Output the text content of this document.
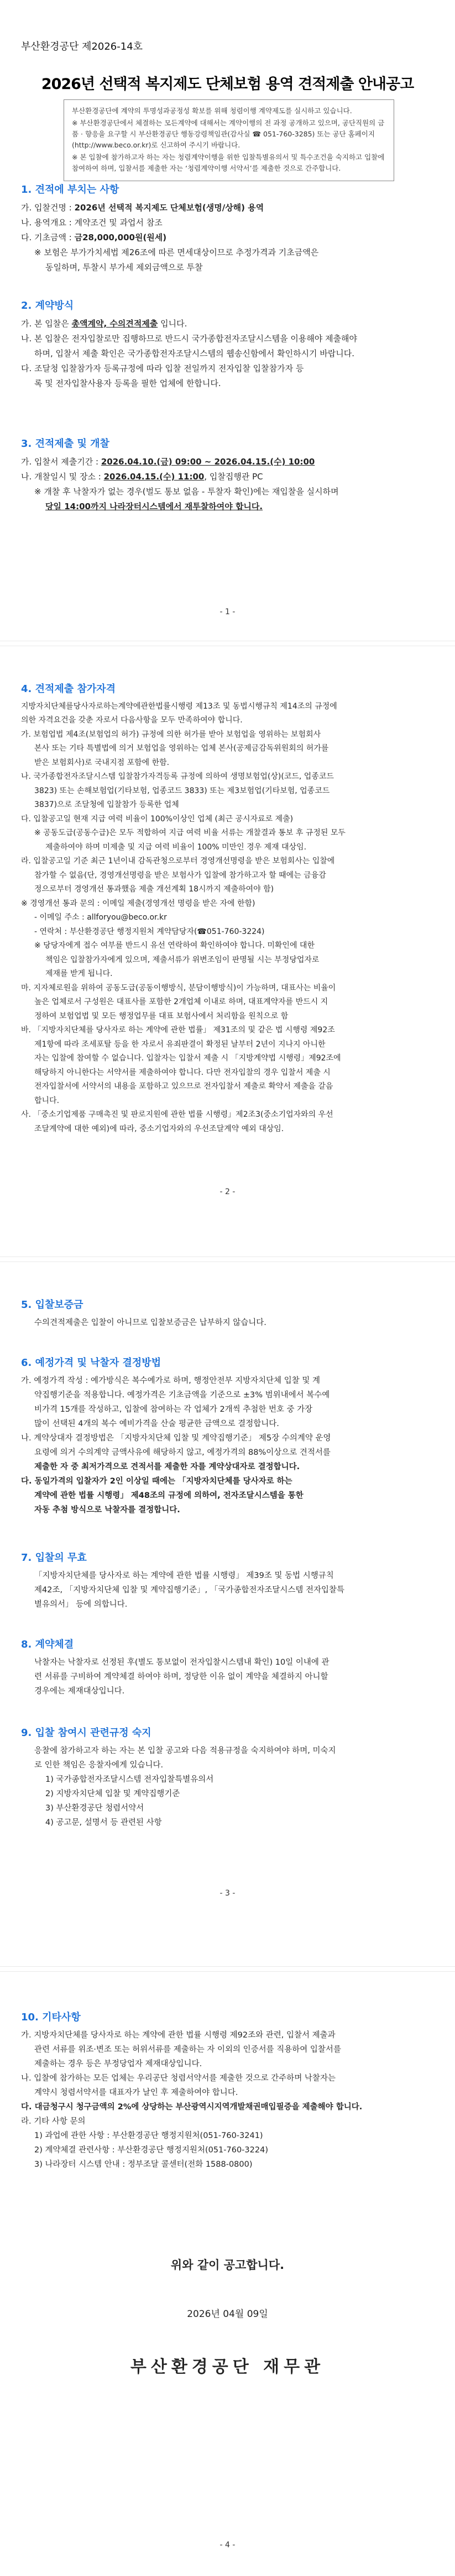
부산환경공단 제2026-14호
2026년 선택적 복지제도 단체보험 용역 견적제출 안내공고

부산환경공단에 계약의 투명성과공정성 확보를 위해 청렴이행 계약제도를 실시하고 있습니다.

※ 부산환경공단에서 체결하는 모든계약에 대해서는 계약이행의 전 과정 공개하고 있으며, 공단직원의 금품 · 향응을 요구할 시 부산환경공단 행동강령책임관(감사실 ☎ 051-760-3285) 또는 공단 홈페이지(http://www.beco.or.kr)로 신고하여 주시기 바랍니다.

※ 본 입찰에 참가하고자 하는 자는 청렴계약이행을 위한 입찰특별유의서 및 특수조건을 숙지하고 입찰에 참여하여 하며, 입찰서를 제출한 자는 ‘청렴계약이행 서약서’를 제출한 것으로 간주합니다.

1. 견적에 부치는 사항
가. 입찰건명 : 2026년 선택적 복지제도 단체보험(생명/상해) 용역
나. 용역개요 : 계약조건 및 과업서 참조
다. 기초금액 : 금28,000,000원(원세)
※ 보험은 부가가치세법 제26조에 따른 면세대상이므로 추정가격과 기초금액은
동일하며, 투찰시 부가세 제외금액으로 투찰
2. 계약방식
가. 본 입찰은 총액계약, 수의견적제출 입니다.
나. 본 입찰은 전자입찰로만 집행하므로 반드시 국가종합전자조달시스템을 이용해야 제출해야
하며, 입찰서 제출 확인은 국가종합전자조달시스템의 웹송신함에서 확인하시기 바랍니다.
다. 조달청 입찰참가자 등록규정에 따라 입찰 전일까지 전자입찰 입찰참가자 등
록 및 전자입찰사용자 등록을 필한 업체에 한합니다.
3. 견적제출 및 개찰
가. 입찰서 제출기간 : 2026.04.10.(금) 09:00 ~ 2026.04.15.(수) 10:00
나. 개찰일시 및 장소 : 2026.04.15.(수) 11:00, 입찰집행관 PC
※ 개찰 후 낙찰자가 없는 경우(벌도 통보 없음 - 투찰자 확인)에는 재입찰을 실시하며
당일 14:00까지 나라장터시스템에서 재투찰하여야 합니다.
- 1 -
4. 견적제출 참가자격
지방자치단체를당사자로하는계약에관한법률시행령 제13조 및 동법시행규칙 제14조의 규정에
의한 자격요건을 갖춘 자로서 다음사항을 모두 만족하여야 합니다.
가. 보험업법 제4조(보험업의 허가) 규정에 의한 허가를 받아 보험업을 영위하는 보험회사
본사 또는 기타 특별법에 의거 보험업을 영위하는 업체 본사(공제금감독위원회의 허가를
받은 보험회사)로 국내지점 포함에 한함.
나. 국가종합전자조달시스템 입찰참가자격등록 규정에 의하여 생명보험업(상)(코드, 업종코드
3823) 또는 손해보험업(기타보험, 업종코드 3833) 또는 제3보험업(기타보험, 업종코드
3837)으로 조달청에 입찰참가 등록한 업체
다. 입찰공고일 현재 지급 여력 비율이 100%이상인 업체 (최근 공시자료로 제출)
※ 공동도급(공동수급)은 모두 적합하여 지급 여력 비율 서류는 개찰결과 통보 후 규정된 모두
제출하여야 하며 미제출 및 지급 여력 비율이 100% 미만인 경우 제재 대상임.
라. 입찰공고일 기준 최근 1년이내 감독관청으로부터 경영개선명령을 받은 보험회사는 입찰에
참가할 수 없음(단, 경영개선명령을 받은 보험사가 입찰에 참가하고자 할 때에는 금융감
정으로부터 경영개선 통과했음 제출 개선계획 18시까지 제출하여야 함)
※ 경영개선 통과 문의 : 이메일 제출(경영개선 명령을 받은 자에 한함)
- 이메일 주소 : allforyou@beco.or.kr
- 연락처 : 부산환경공단 행정지원처 계약담당자(☎051-760-3224)
※ 당당자에게 접수 여부를 반드시 유선 연락하여 확인하여야 합니다. 미확인에 대한
책임은 입찰참가자에게 있으며, 제출서류가 위변조임이 판명될 시는 부정당업자로
제재를 받게 됩니다.
마. 지자체로원을 위하여 공동도급(공동이행방식, 분담이행방식)이 가능하며, 대표사는 비율이
높은 업체로서 구성원은 대표사를 포함한 2개업체 이내로 하며, 대표계약자를 반드시 지
정하여 보험업법 및 모든 행정업무를 대표 보험사에서 처리함을 원칙으로 함
바. 「지방자치단체를 당사자로 하는 계약에 관한 법률」 제31조의 및 같은 법 시행령 제92조
제1항에 따라 조세포탈 등을 한 자로서 유죄판결이 확정된 날부터 2년이 지나지 아니한
자는 입찰에 참여할 수 없습니다. 입찰자는 입찰서 제출 시 「지방계약법 시행령」제92조에
해당하지 아니한다는 서약서를 제출하여야 합니다. 다만 전자입찰의 경우 입찰서 제출 시
전자입찰서에 서약서의 내용을 포함하고 있으므로 전자입찰서 제출로 확약서 제출을 갈음
합니다.
사. 「중소기업제품 구매촉진 및 판로지원에 관한 법률 시행령」제2조3(중소기업자와의 우선
조달계약에 대한 예외)에 따라, 중소기업자와의 우선조달계약 예외 대상임.
- 2 -
5. 입찰보증금
수의견적제출은 입찰이 아니므로 입찰보증금은 납부하지 않습니다.
6. 예정가격 및 낙찰자 결정방법
가. 예정가격 작성 : 예가방식은 복수예가로 하며, 행정안전부 지방자치단체 입찰 및 계
약집행기준을 적용합니다. 예정가격은 기초금액을 기준으로 ±3% 범위내에서 복수예
비가격 15개를 작성하고, 입찰에 참여하는 각 업체가 2개씩 추첨한 번호 중 가장
많이 선택된 4개의 복수 예비가격을 산술 평균한 금액으로 결정합니다.
나. 계약상대자 결정방법은 「지방자치단체 입찰 및 계약집행기준」 제5장 수의계약 운영
요령에 의거 수의계약 금액사유에 해당하지 않고, 예정가격의 88%이상으로 견적서를
제출한 자 중 최저가격으로 견적서를 제출한 자를 계약상대자로 결정합니다.
다. 동일가격의 입찰자가 2인 이상일 때에는 「지방자치단체를 당사자로 하는
계약에 관한 법률 시행령」 제48조의 규정에 의하여, 전자조달시스템을 통한
자동 추첨 방식으로 낙찰자를 결정합니다.
7. 입찰의 무효
「지방자치단체를 당사자로 하는 계약에 관한 법률 시행령」 제39조 및 동법 시행규칙
제42조, 「지방자치단체 입찰 및 계약집행기준」, 「국가종합전자조달시스템 전자입찰특
별유의서」 등에 의합니다.
8. 계약체결
낙찰자는 낙찰자로 선정된 후(별도 통보없이 전자입찰시스템내 확인) 10일 이내에 관
련 서류를 구비하여 계약체결 하여야 하며, 정당한 이유 없이 계약을 체결하지 아니할
경우에는 제재대상입니다.
9. 입찰 참여시 관련규정 숙지
응찰에 참가하고자 하는 자는 본 입찰 공고와 다음 적용규정을 숙지하여야 하며, 미숙지
로 인한 책임은 응찰자에게 있습니다.
1) 국가종합전자조달시스템 전자입찰특별유의서
2) 지방자치단체 입찰 및 계약집행기준
3) 부산환경공단 청렴서약서
4) 공고문, 설명서 등 관련된 사항
- 3 -
10. 기타사항
가. 지방자치단체를 당사자로 하는 계약에 관한 법률 시행령 제92조와 관련, 입찰서 제출과
관련 서류를 위조·변조 또는 허위서류를 제출하는 자 이외의 인증서를 직용하여 입찰서를
제출하는 경우 등은 부정당업자 제재대상입니다.
나. 입찰에 참가하는 모든 업체는 우리공단 청렴서약서를 제출한 것으로 간주하며 낙찰자는
계약시 청렴서약서를 대표자가 날인 후 제출하여야 합니다.
다. 대금청구시 청구금액의 2%에 상당하는 부산광역시지역개발채권매입필증을 제출해야 합니다.
라. 기타 사항 문의
1) 과업에 관한 사항 : 부산환경공단 행정지원처(051-760-3241)
2) 계약체결 관련사항 : 부산환경공단 행정지원처(051-760-3224)
3) 나라장터 시스템 안내 : 정부조달 콜센터(전화 1588-0800)
위와 같이 공고합니다.
2026년 04월 09일
부산환경공단 재무관
- 4 -
